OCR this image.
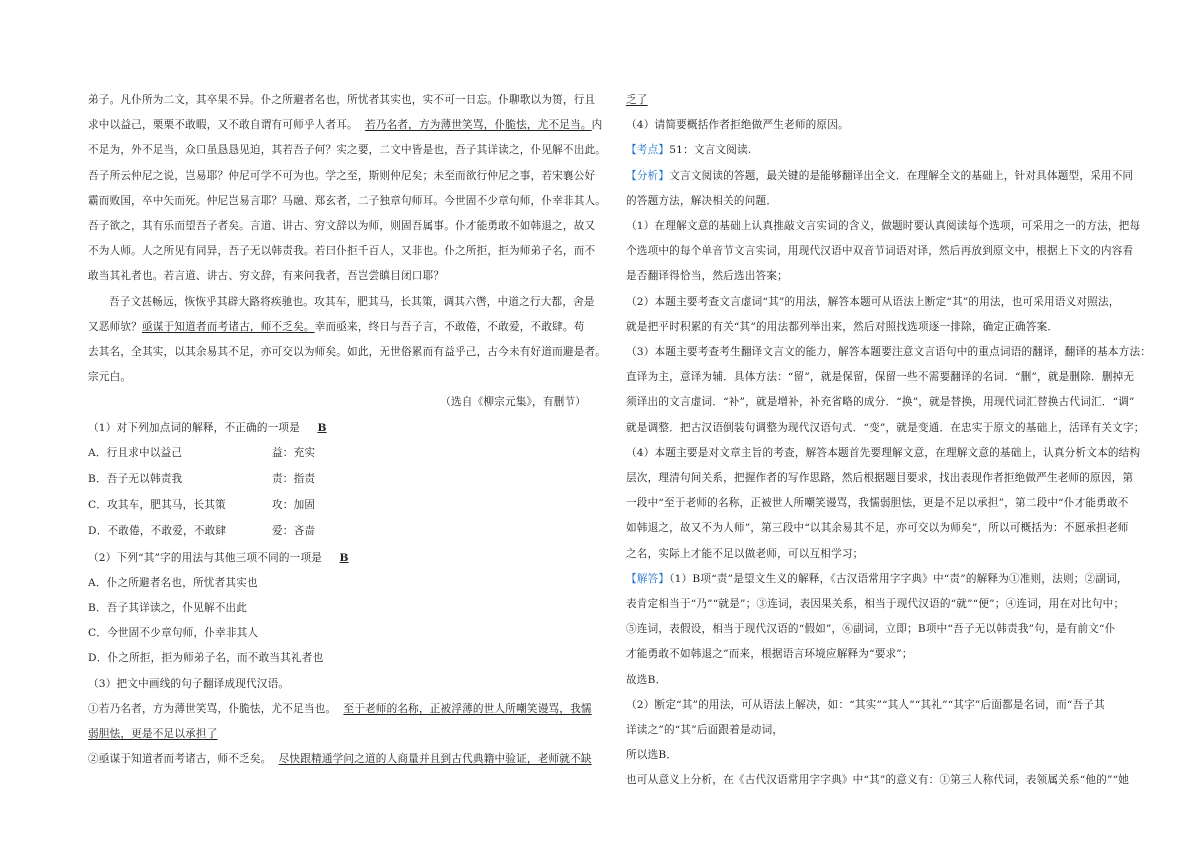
弟子。凡仆所为二文，其卒果不异。仆之所避者名也，所忧者其实也，实不可一日忘。仆聊歌以为篑，行且

求中以益己，栗栗不敢暇，又不敢自谓有可师乎人者耳。 若乃名者，方为薄世笑骂，仆脆怯，尤不足当。内

不足为，外不足当，众口虽恳恳见迫，其若吾子何？实之要，二文中皆是也，吾子其详读之，仆见解不出此。

吾子所云仲尼之说，岂易耶？仲尼可学不可为也。学之至，斯则仲尼矣；未至而欲行仲尼之事，若宋襄公好

霸而败国，卒中矢而死。仲尼岂易言耶？马融、郑玄者，二子独章句师耳。今世固不少章句师，仆幸非其人。

吾子欲之，其有乐而望吾子者矣。言道、讲古、穷文辞以为师，则固吾属事。仆才能勇敢不如韩退之，故又

不为人师。人之所见有同异，吾子无以韩责我。若曰仆拒千百人，又非也。仆之所拒，拒为师弟子名，而不

敢当其礼者也。若言道、讲古、穷文辞，有来问我者，吾岂尝瞋目闭口耶？

吾子文甚畅远，恢恢乎其辟大路将疾驰也。攻其车，肥其马，长其策，调其六辔，中道之行大都，舍是

又恶师欤？亟谋于知道者而考诸古，师不乏矣。幸而亟来，终日与吾子言，不敢倦，不敢爱，不敢肆。苟

去其名，全其实，以其余易其不足，亦可交以为师矣。如此，无世俗累而有益乎己，古今未有好道而避是者。

宗元白。

（选自《柳宗元集》，有删节）

（1）对下列加点词的解释，不正确的一项是 B

A．行且求中以益己	益：充实
B．吾子无以韩责我	责：指责
C．攻其车，肥其马，长其策	攻：加固
D．不敢倦，不敢爱，不敢肆	爱：吝啬

（2）下列“其”字的用法与其他三项不同的一项是 B

A．仆之所避者名也，所忧者其实也

B．吾子其详读之，仆见解不出此

C．今世固不少章句师，仆幸非其人

D．仆之所拒，拒为师弟子名，而不敢当其礼者也

（3）把文中画线的句子翻译成现代汉语。

①若乃名者，方为薄世笑骂，仆脆怯，尤不足当也。 至于老师的名称，正被浮薄的世人所嘲笑谩骂，我懦

弱胆怯，更是不足以承担了

②亟谋于知道者而考诸古，师不乏矣。 尽快跟精通学问之道的人商量并且到古代典籍中验证，老师就不缺

乏了

（4）请简要概括作者拒绝做严生老师的原因。

【考点】51：文言文阅读.

【分析】文言文阅读的答题，最关键的是能够翻译出全文．在理解全文的基础上，针对具体题型，采用不同

的答题方法，解决相关的问题．

（1）在理解文意的基础上认真推敲文言实词的含义，做题时要认真阅读每个选项，可采用之一的方法，把每

个选项中的每个单音节文言实词，用现代汉语中双音节词语对译，然后再放到原文中，根据上下文的内容看

是否翻译得恰当，然后选出答案；

（2）本题主要考查文言虚词“其”的用法，解答本题可从语法上断定“其”的用法，也可采用语义对照法，

就是把平时积累的有关“其”的用法都列举出来，然后对照找选项逐一排除，确定正确答案．

（3）本题主要考查考生翻译文言文的能力，解答本题要注意文言语句中的重点词语的翻译，翻译的基本方法：

直译为主，意译为辅．具体方法：“留”，就是保留，保留一些不需要翻译的名词．“删”，就是删除．删掉无

须译出的文言虚词．“补”，就是增补，补充省略的成分．“换”，就是替换，用现代词汇替换古代词汇．“调”

就是调整．把古汉语倒装句调整为现代汉语句式．“变”，就是变通．在忠实于原文的基础上，活译有关文字；

（4）本题主要是对文章主旨的考查，解答本题首先要理解文意，在理解文意的基础上，认真分析文本的结构

层次，理清句间关系，把握作者的写作思路，然后根据题目要求，找出表现作者拒绝做严生老师的原因，第

一段中“至于老师的名称，正被世人所嘲笑谩骂，我懦弱胆怯，更是不足以承担”，第二段中“仆才能勇敢不

如韩退之，故又不为人师”，第三段中“以其余易其不足，亦可交以为师矣”，所以可概括为：不愿承担老师

之名，实际上才能不足以做老师，可以互相学习；

【解答】（1）B项“责”是望文生义的解释，《古汉语常用字字典》中“责”的解释为①准则，法则；②副词，

表肯定相当于“乃”“就是”；③连词，表因果关系，相当于现代汉语的“就”“便”；④连词，用在对比句中；

⑤连词，表假设，相当于现代汉语的“假如”，⑥副词，立即；B项中“吾子无以韩责我”句，是有前文“仆

才能勇敢不如韩退之”而来，根据语言环境应解释为“要求”；

故选B．

（2）断定“其”的用法，可从语法上解决，如：“其实”“其人”“其礼”“其字”后面都是名词，而“吾子其

详读之”的“其”后面跟着是动词，

所以选B．

也可从意义上分析，在《古代汉语常用字字典》中“其”的意义有：①第三人称代词，表领属关系“他的”“她
